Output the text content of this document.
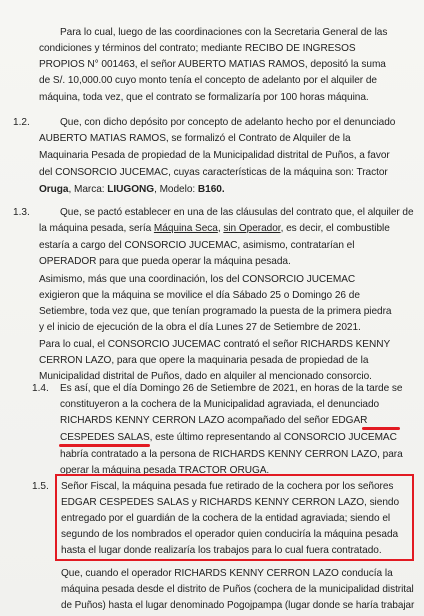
Para lo cual, luego de las coordinaciones con la Secretaria General de las
condiciones y términos del contrato; mediante RECIBO DE INGRESOS
PROPIOS N° 001463, el señor AUBERTO MATIAS RAMOS, depositó la suma
de S/. 10,000.00 cuyo monto tenía el concepto de adelanto por el alquiler de
máquina, toda vez, que el contrato se formalizaría por 100 horas máquina.
1.2.	Que, con dicho depósito por concepto de adelanto hecho por el denunciado
AUBERTO MATIAS RAMOS, se formalizó el Contrato de Alquiler de la
Maquinaria Pesada de propiedad de la Municipalidad distrital de Puños, a favor
del CONSORCIO JUCEMAC, cuyas características de la máquina son: Tractor
Oruga, Marca: LIUGONG, Modelo: B160.
1.3.	Que, se pactó establecer en una de las cláusulas del contrato que, el alquiler de
la máquina pesada, sería Máquina Seca, sin Operador, es decir, el combustible
estaría a cargo del CONSORCIO JUCEMAC, asimismo, contratarían el
OPERADOR para que pueda operar la máquina pesada.
Asimismo, más que una coordinación, los del CONSORCIO JUCEMAC
exigieron que la máquina se movilice el día Sábado 25 o Domingo 26 de
Setiembre, toda vez que, que tenían programado la puesta de la primera piedra
y el inicio de ejecución de la obra el día Lunes 27 de Setiembre de 2021.
Para lo cual, el CONSORCIO JUCEMAC contrató el señor RICHARDS KENNY
CERRON LAZO, para que opere la maquinaria pesada de propiedad de la
Municipalidad distrital de Puños, dado en alquiler al mencionado consorcio.
1.4. Es así, que el día Domingo 26 de Setiembre de 2021, en horas de la tarde se
constituyeron a la cochera de la Municipalidad agraviada, el denunciado
RICHARDS KENNY CERRON LAZO acompañado del señor EDGAR
CESPEDES SALAS, este último representando al CONSORCIO JUCEMAC
habría contratado a la persona de RICHARDS KENNY CERRON LAZO, para
operar la máquina pesada TRACTOR ORUGA.
1.5. Señor Fiscal, la máquina pesada fue retirado de la cochera por los señores
EDGAR CESPEDES SALAS y RICHARDS KENNY CERRON LAZO, siendo
entregado por el guardián de la cochera de la entidad agraviada; siendo el
segundo de los nombrados el operador quien conduciría la máquina pesada
hasta el lugar donde realizaría los trabajos para lo cual fuera contratado.
Que, cuando el operador RICHARDS KENNY CERRON LAZO conducía la
máquina pesada desde el distrito de Puños (cochera de la municipalidad distrital
de Puños) hasta el lugar denominado Pogojpampa (lugar donde se haría trabajar
